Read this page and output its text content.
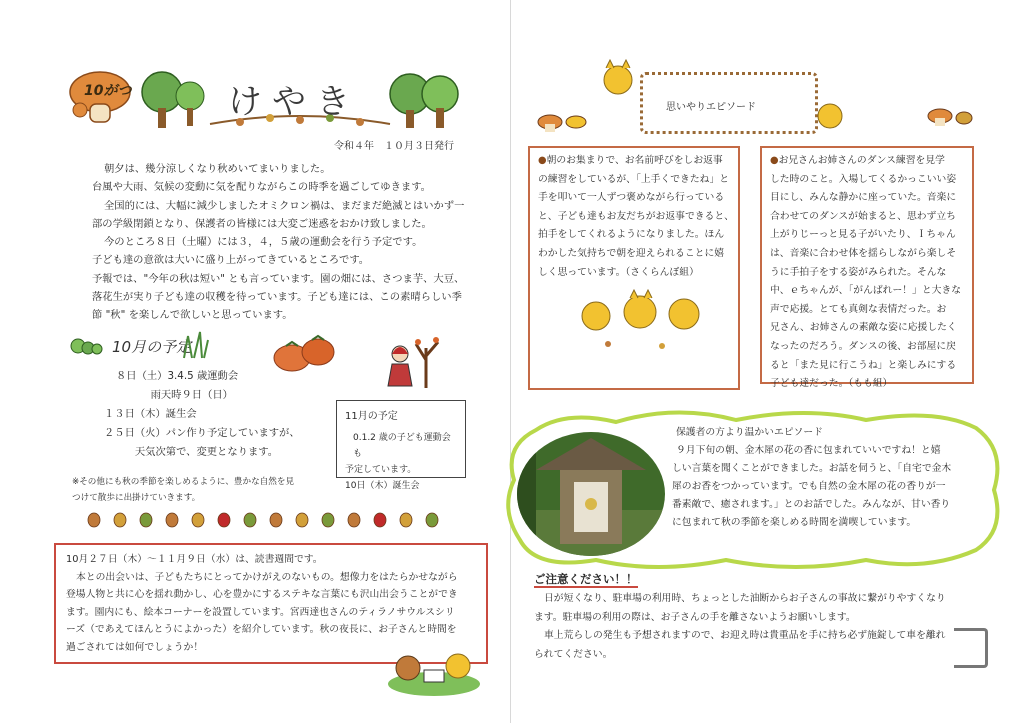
10がつ	けやき
令和４年　１０月３日発行
朝夕は、幾分涼しくなり秋めいてまいりました。
台風や大雨、気候の変動に気を配りながらこの時季を過ごしてゆきます。
全国的には、大幅に減少しましたオミクロン禍は、まだまだ絶滅とはいかず一
部の学級閉鎖となり、保護者の皆様には大変ご迷惑をおかけ致しました。
今のところ８日（土曜）には３，４，５歳の運動会を行う予定です。
子ども達の意欲は大いに盛り上がってきているところです。
予報では、"今年の秋は短い" とも言っています。園の畑には、さつま芋、大豆、
落花生が実り子ども達の収穫を待っています。子ども達には、この素晴らしい季
節 "秋" を楽しんで欲しいと思っています。
10月の予定
８日（土）3.4.5 歳運動会
　　雨天時９日（日）
１３日（木）誕生会
２５日（火）パン作り予定していますが、
　　　天気次第で、変更となります。
11月の予定
0.1.2 歳の子ども運動会も
予定しています。
10日（木）誕生会
※その他にも秋の季節を楽しめるように、豊かな自然を見
つけて散歩に出掛けていきます。
10月２７日（木）～１１月９日（水）は、読書週間です。
本との出会いは、子どもたちにとってかけがえのないもの。想像力をはたらかせながら
登場人物と共に心を揺れ動かし、心を豊かにするステキな言葉にも沢山出会うことができ
ます。園内にも、絵本コーナーを設置しています。宮西達也さんのティラノサウルスシリ
ーズ（であえてほんとうによかった）を紹介しています。秋の夜長に、お子さんと時間を
過ごされては如何でしょうか！
思いやりエピソード
●朝のお集まりで、お名前呼びをしお返事
の練習をしているが、「上手くできたね」と
手を叩いて一人ずつ褒めながら行っている
と、子ども達もお友だちがお返事できると、
拍手をしてくれるようになりました。ほん
わかした気持ちで朝を迎えられることに嬉
しく思っています。（さくらんぼ組）
●お兄さんお姉さんのダンス練習を見学
した時のこと。入場してくるかっこいい姿
目にし、みんな静かに座っていた。音楽に
合わせてのダンスが始まると、思わず立ち
上がりじーっと見る子がいたり、Ｉちゃん
は、音楽に合わせ体を揺らしながら楽しそ
うに手拍子をする姿がみられた。そんな
中、ｅちゃんが、「がんばれー！」と大きな
声で応援。とても真剣な表情だった。お
兄さん、お姉さんの素敵な姿に応援したく
なったのだろう。ダンスの後、お部屋に戻
ると「また見に行こうね」と楽しみにする
子ども達だった。（もも組）
保護者の方より温かいエピソード
９月下旬の朝、金木犀の花の香に包まれていいですね！と嬉
しい言葉を聞くことができました。お話を伺うと、「自宅で金木
犀のお香をつかっています。でも自然の金木犀の花の香りが一
番素敵で、癒されます。」とのお話でした。みんなが、甘い香り
に包まれて秋の季節を楽しめる時間を満喫しています。
ご注意ください！！
日が短くなり、駐車場の利用時、ちょっとした油断からお子さんの事故に繋がりやすくなり
ます。駐車場の利用の際は、お子さんの手を離さないようお願いします。
車上荒らしの発生も予想されますので、お迎え時は貴重品を手に持ち必ず施錠して車を離れ
られてください。
